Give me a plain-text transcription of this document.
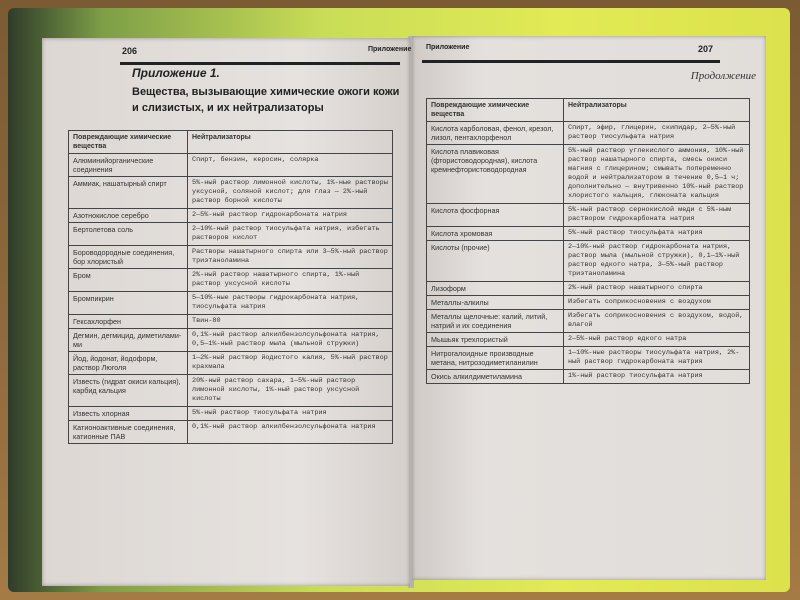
206	Приложение
Приложение 1.
Вещества, вызывающие химические ожоги кожи и слизистых, и их нейтрализаторы
Повреждающие химические вещества	Нейтрализаторы
Алюминийорганические соединения	Спирт, бензин, керосин, солярка
Аммиак, нашатырный спирт	5%-ный раствор лимонной кислоты, 1%-ные растворы уксусной, соляной кислот; для глаз — 2%-ный раствор борной кислоты
Азотнокислое серебро	2—5%-ный раствор гидрокарбоната натрия
Бертолетова соль	2—10%-ный раствор тиосульфата натрия, избегать растворов кислот
Бороводородные соединения, бор хлористый	Растворы нашатырного спирта или 3—5%-ный раствор триэтаноламина
Бром	2%-ный раствор нашатырного спирта, 1%-ный раствор уксусной кислоты
Бромпикрин	5—10%-ные растворы гидрокарбоната натрия, тиосульфата натрия
Гексахлорфен	Твин-80
Дегмин, дегмицид, диметилами-ми	0,1%-ный раствор алкилбензолсульфоната натрия, 0,5—1%-ный раствор мыла (мыльной стружки)
Йод, йодонат, йодоформ, раствор Люголя	1—2%-ный раствор йодистого калия, 5%-ный раствор крахмала
Известь (гидрат окиси кальция), карбид кальция	20%-ный раствор сахара, 1—5%-ный раствор лимонной кислоты, 1%-ный раствор уксусной кислоты
Известь хлорная	5%-ный раствор тиосульфата натрия
Катионоактивные соединения, катионные ПАВ	0,1%-ный раствор алкилбензолсульфоната натрия
Приложение	207
Продолжение
Повреждающие химические вещества	Нейтрализаторы
Кислота карболовая, фенол, крезол, лизол, пентахлорфенол	Спирт, эфир, глицерин, скипидар, 2—5%-ный раствор тиосульфата натрия
Кислота плавиковая (фтористоводородная), кислота кремнефтористоводородная	5%-ный раствор углекислого аммония, 10%-ный раствор нашатырного спирта, смесь окиси магния с глицерином; смывать попеременно водой и нейтрализатором в течение 0,5—1 ч; дополнительно — внутривенно 10%-ный раствор хлористого кальция, глюконата кальция
Кислота фосфорная	5%-ный раствор сернокислой меди с 5%-ным раствором гидрокарбоната натрия
Кислота хромовая	5%-ный раствор тиосульфата натрия
Кислоты (прочие)	2—10%-ный раствор гидрокарбоната натрия, раствор мыла (мыльной стружки), 0,1—1%-ный раствор едкого натра, 3—5%-ный раствор триэтаноламина
Лизоформ	2%-ный раствор нашатырного спирта
Металлы-алкилы	Избегать соприкосновения с воздухом
Металлы щелочные: калий, литий, натрий и их соединения	Избегать соприкосновения с воздухом, водой, влагой
Мышьяк трехлористый	2—5%-ный раствор едкого натра
Нитрогалоидные производные метана, нитрозодиметиланилин	1—10%-ные растворы тиосульфата натрия, 2%-ный раствор гидрокарбоната натрия
Окись алкилдиметиламина	1%-ный раствор тиосульфата натрия
